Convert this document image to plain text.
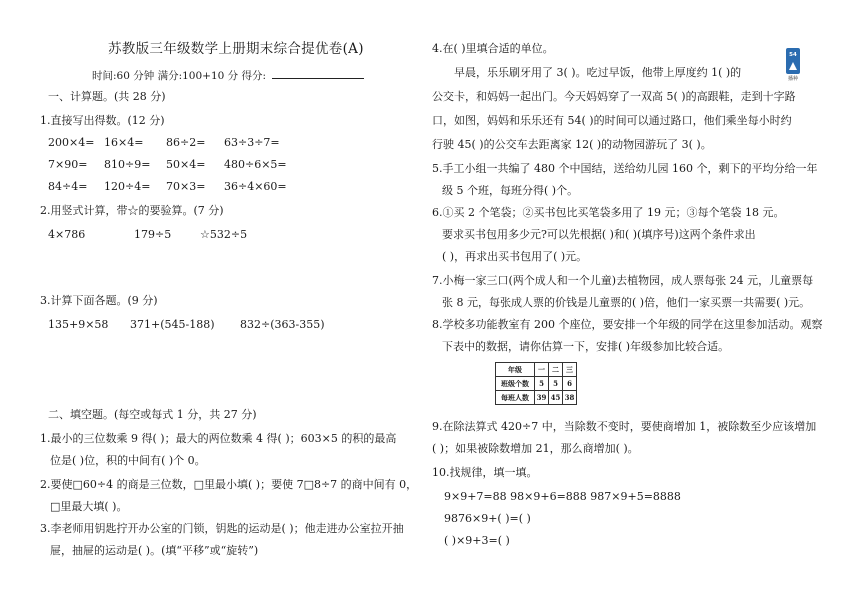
苏教版三年级数学上册期末综合提优卷(A)
时间:60 分钟 满分:100+10 分 得分:
一、计算题。(共 28 分)
1.直接写出得数。(12 分)
200×4= 16×4= 86÷2= 63÷3÷7=
7×90= 810÷9= 50×4= 480÷6×5=
84÷4= 120÷4= 70×3= 36÷4×60=
2.用竖式计算，带☆的要验算。(7 分)
4×786	179÷5	☆532÷5
3.计算下面各题。(9 分)
135+9×58 371+(545-188) 832÷(363-355)
二、填空题。(每空或每式 1 分，共 27 分)
1.最小的三位数乘 9 得( )；最大的两位数乘 4 得( )；603×5 的积的最高
位是( )位，积的中间有( )个 0。
2.要使□60÷4 的商是三位数，□里最小填( )；要使 7□8÷7 的商中间有 0，
□里最大填( )。
3.李老师用钥匙拧开办公室的门锁，钥匙的运动是( )；他走进办公室拉开抽
屉，抽屉的运动是( )。(填“平移”或“旋转”)
4.在( )里填合适的单位。
早晨，乐乐刷牙用了 3( )。吃过早饭，他带上厚度约 1( )的
公交卡，和妈妈一起出门。今天妈妈穿了一双高 5( )的高跟鞋，走到十字路
口，如图，妈妈和乐乐还有 54( )的时间可以通过路口，他们乘坐每小时约
行驶 45( )的公交车去距离家 12( )的动物园游玩了 3( )。
54
播种
5.手工小组一共编了 480 个中国结，送给幼儿园 160 个，剩下的平均分给一年
级 5 个班，每班分得( )个。
6.①买 2 个笔袋；②买书包比买笔袋多用了 19 元；③每个笔袋 18 元。
要求买书包用多少元?可以先根据( )和( )(填序号)这两个条件求出
( )，再求出买书包用了( )元。
7.小梅一家三口(两个成人和一个儿童)去植物园，成人票每张 24 元，儿童票每
张 8 元，每张成人票的价钱是儿童票的( )倍，他们一家买票一共需要( )元。
8.学校多功能教室有 200 个座位，要安排一个年级的同学在这里参加活动。观察
下表中的数据，请你估算一下，安排( )年级参加比较合适。
年级	一	二	三
班级个数	5	5	6
每班人数	39	45	38
9.在除法算式 420÷7 中，当除数不变时，要使商增加 1，被除数至少应该增加
( )；如果被除数增加 21，那么商增加( )。
10.找规律，填一填。
9×9+7=88 98×9+6=888 987×9+5=8888
9876×9+( )=( )
( )×9+3=( )
